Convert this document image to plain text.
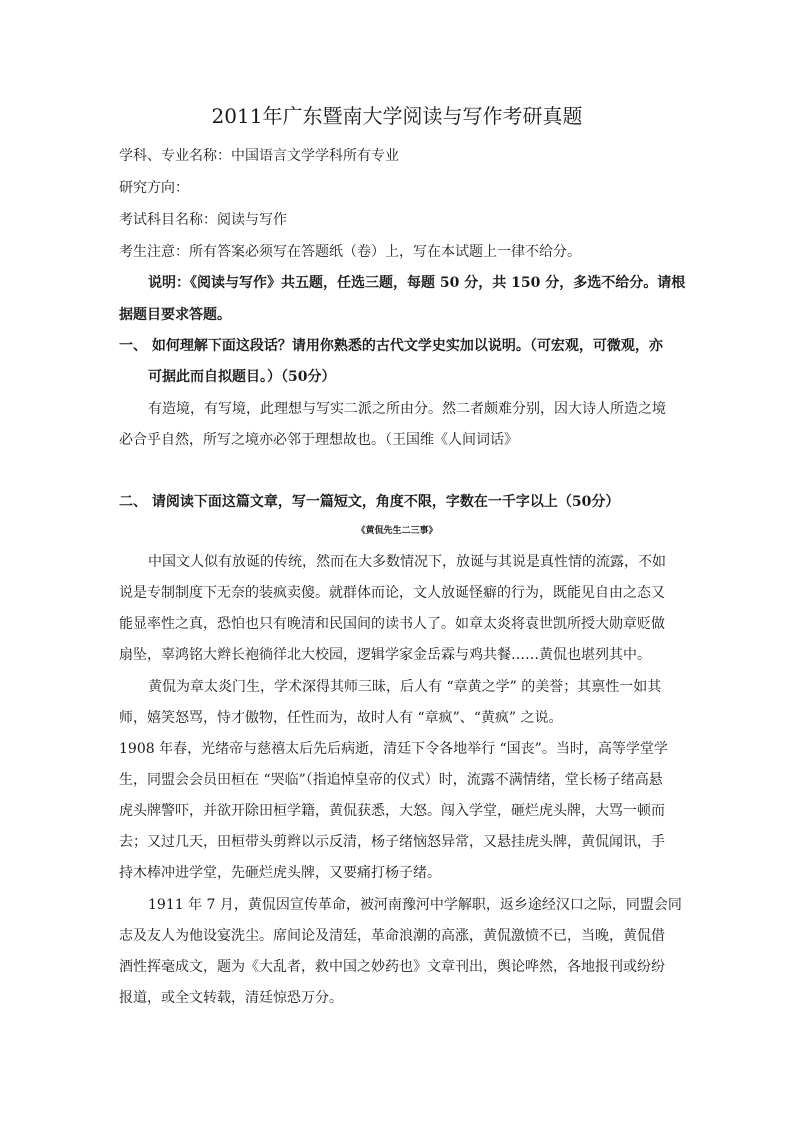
2011年广东暨南大学阅读与写作考研真题
学科、专业名称：中国语言文学学科所有专业
研究方向：
考试科目名称：阅读与写作
考生注意：所有答案必须写在答题纸（卷）上，写在本试题上一律不给分。
说明：《阅读与写作》共五题，任选三题，每题 50 分，共 150 分，多选不给分。请根
据题目要求答题。
一、 如何理解下面这段话？请用你熟悉的古代文学史实加以说明。（可宏观，可微观，亦
可据此而自拟题目。）（50分）
有造境，有写境，此理想与写实二派之所由分。然二者颇难分别，因大诗人所造之境
必合乎自然，所写之境亦必邻于理想故也。（王国维《人间词话》
二、 请阅读下面这篇文章，写一篇短文，角度不限，字数在一千字以上（50分）
《黄侃先生二三事》
中国文人似有放诞的传统，然而在大多数情况下，放诞与其说是真性情的流露，不如
说是专制制度下无奈的装疯卖傻。就群体而论，文人放诞怪癖的行为，既能见自由之态又
能显率性之真，恐怕也只有晚清和民国间的读书人了。如章太炎将袁世凯所授大勋章贬做
扇坠，辜鸿铭大辫长袍徜徉北大校园，逻辑学家金岳霖与鸡共餐……黄侃也堪列其中。
黄侃为章太炎门生，学术深得其师三昧，后人有 “章黄之学” 的美誉；其禀性一如其
师，嬉笑怒骂，恃才傲物，任性而为，故时人有 “章疯”、“黄疯” 之说。
1908 年春，光绪帝与慈禧太后先后病逝，清廷下令各地举行 “国丧”。当时，高等学堂学
生，同盟会会员田桓在 “哭临”（指追悼皇帝的仪式）时，流露不满情绪，堂长杨子绪高悬
虎头牌警吓，并欲开除田桓学籍，黄侃获悉，大怒。闯入学堂，砸烂虎头牌，大骂一顿而
去；又过几天，田桓带头剪辫以示反清，杨子绪恼怒异常，又悬挂虎头牌，黄侃闻讯，手
持木棒冲进学堂，先砸烂虎头牌，又要痛打杨子绪。
1911 年 7 月，黄侃因宣传革命，被河南豫河中学解职，返乡途经汉口之际，同盟会同
志及友人为他设宴洗尘。席间论及清廷，革命浪潮的高涨，黄侃激愤不已，当晚，黄侃借
酒性挥毫成文，题为《大乱者，救中国之妙药也》文章刊出，舆论哗然，各地报刊或纷纷
报道，或全文转载，清廷惊恐万分。
